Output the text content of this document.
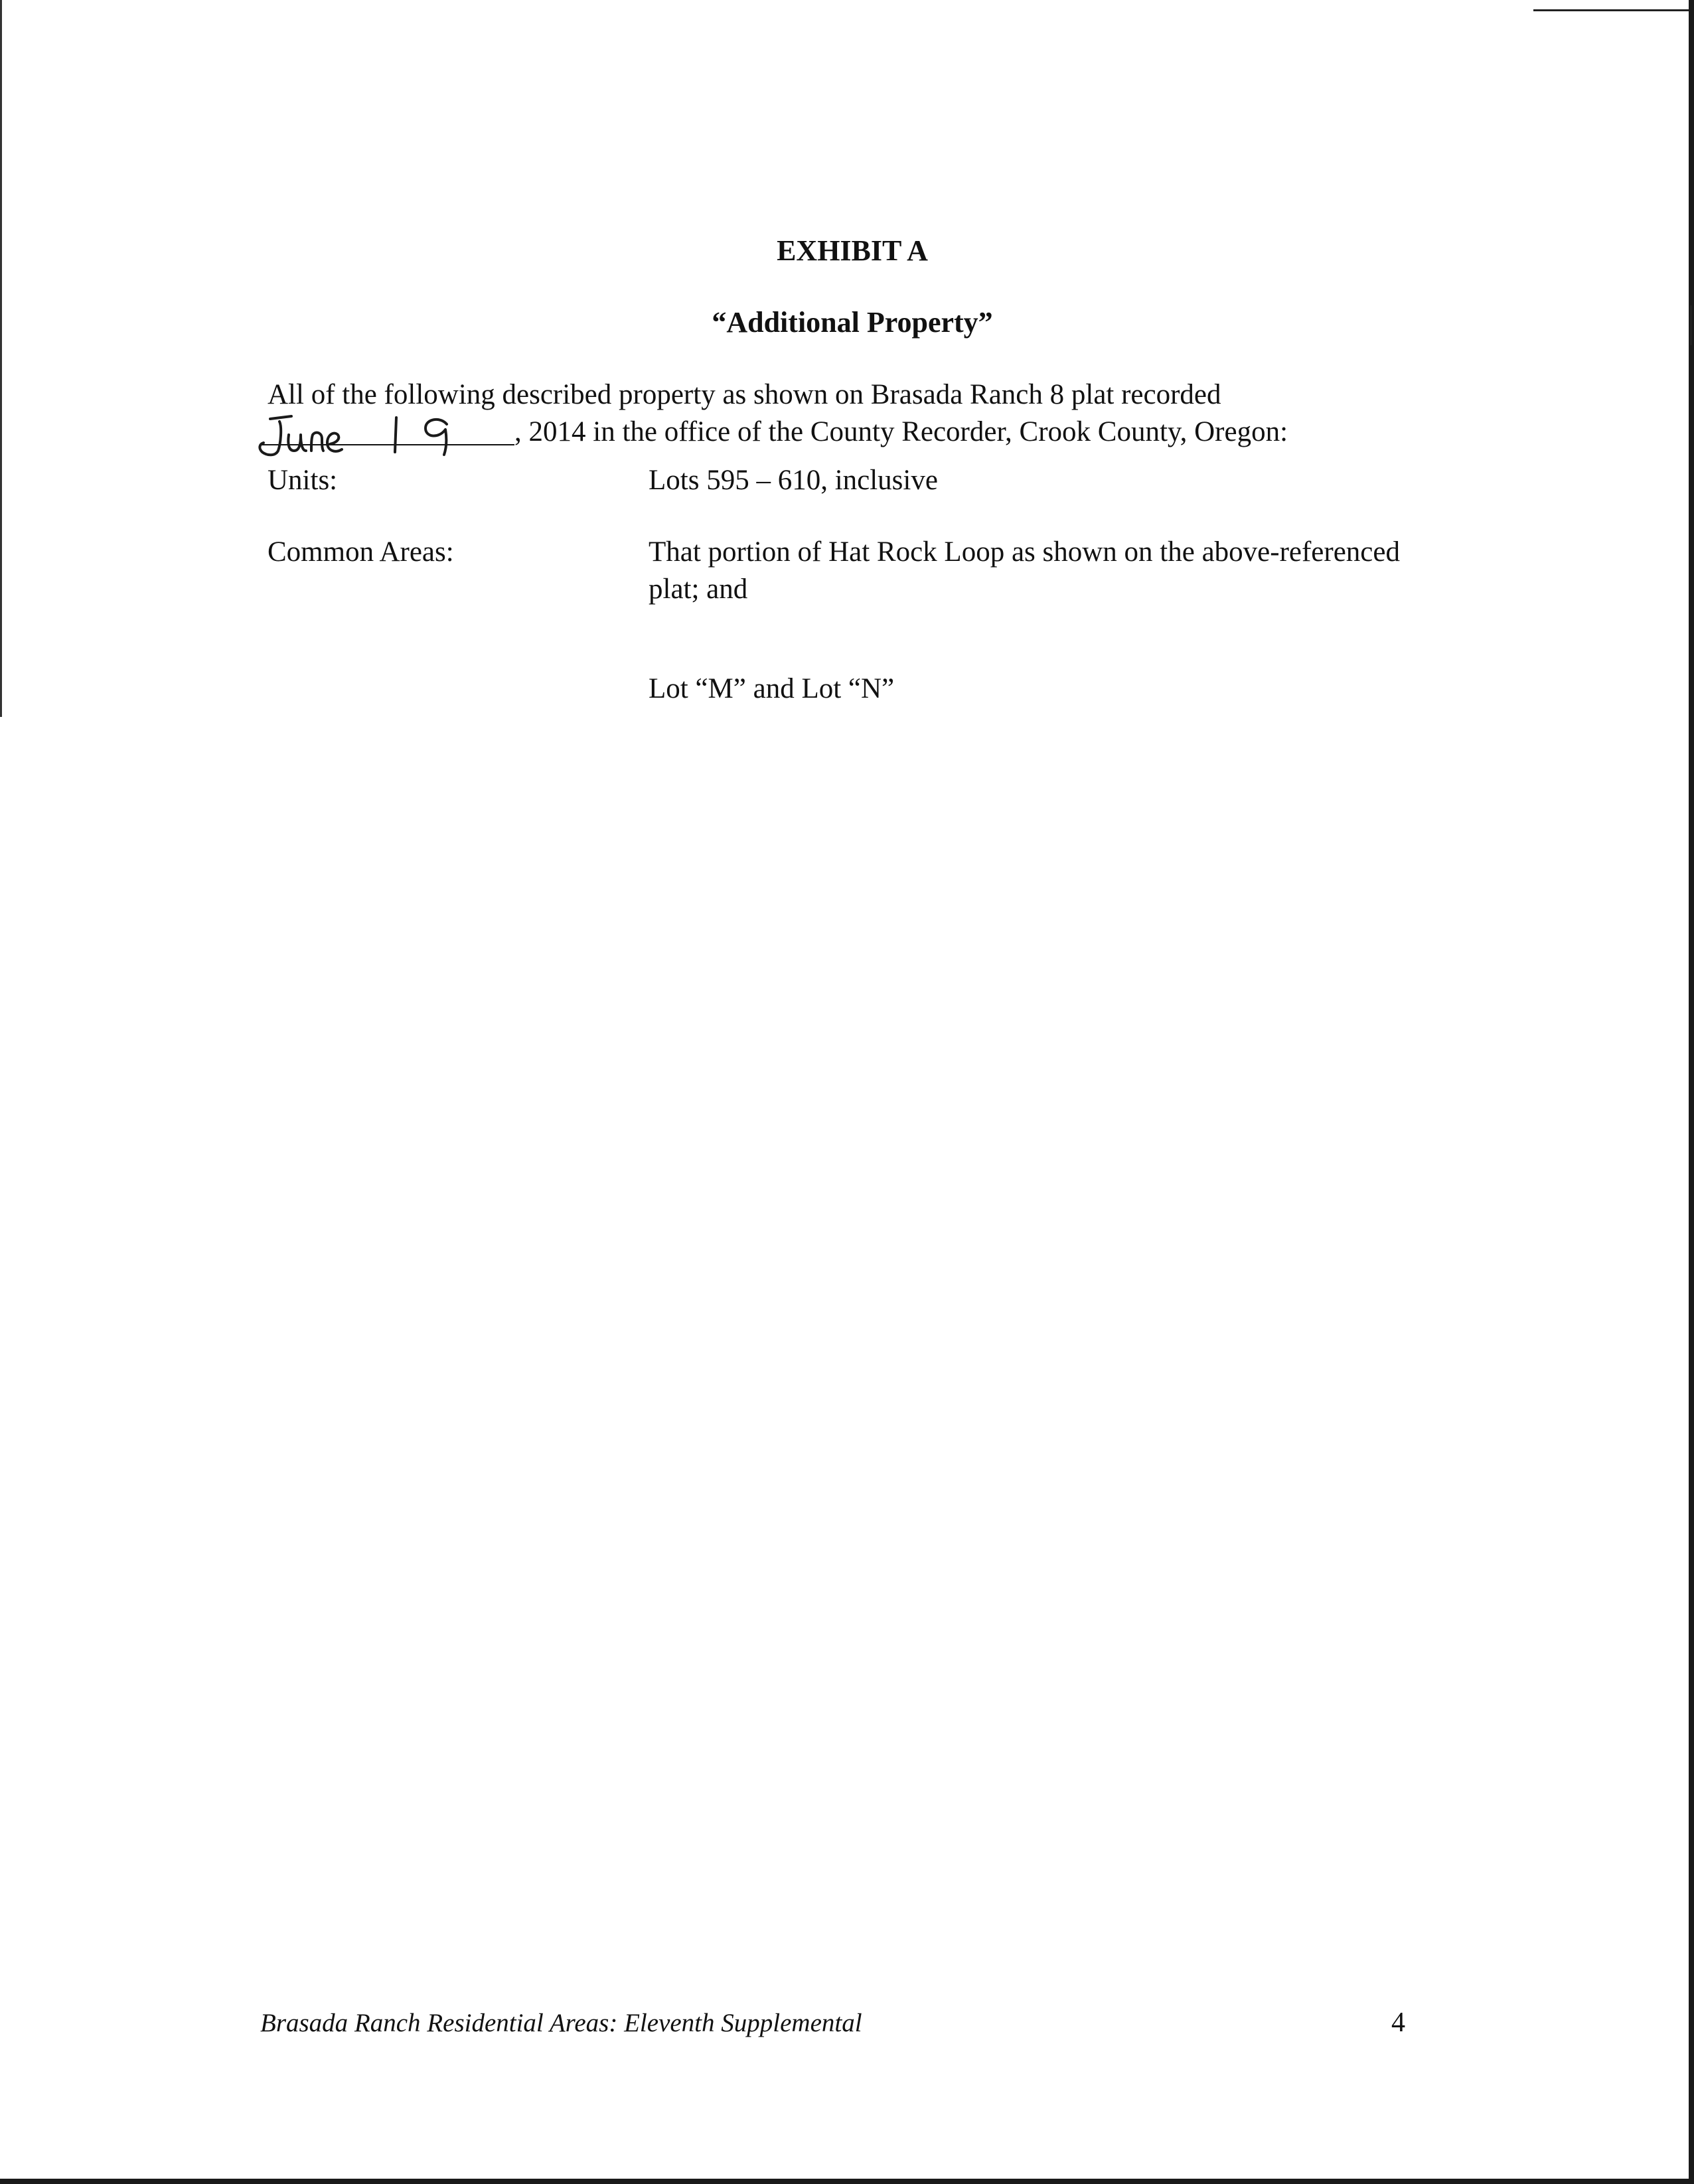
EXHIBIT A
“Additional Property”
All of the following described property as shown on Brasada Ranch 8 plat recorded
, 2014 in the office of the County Recorder, Crook County, Oregon:
Units:	Lots 595 – 610, inclusive
Common Areas:	That portion of Hat Rock Loop as shown on the above-referenced plat; and
Lot “M” and Lot “N”
Brasada Ranch Residential Areas: Eleventh Supplemental	4
